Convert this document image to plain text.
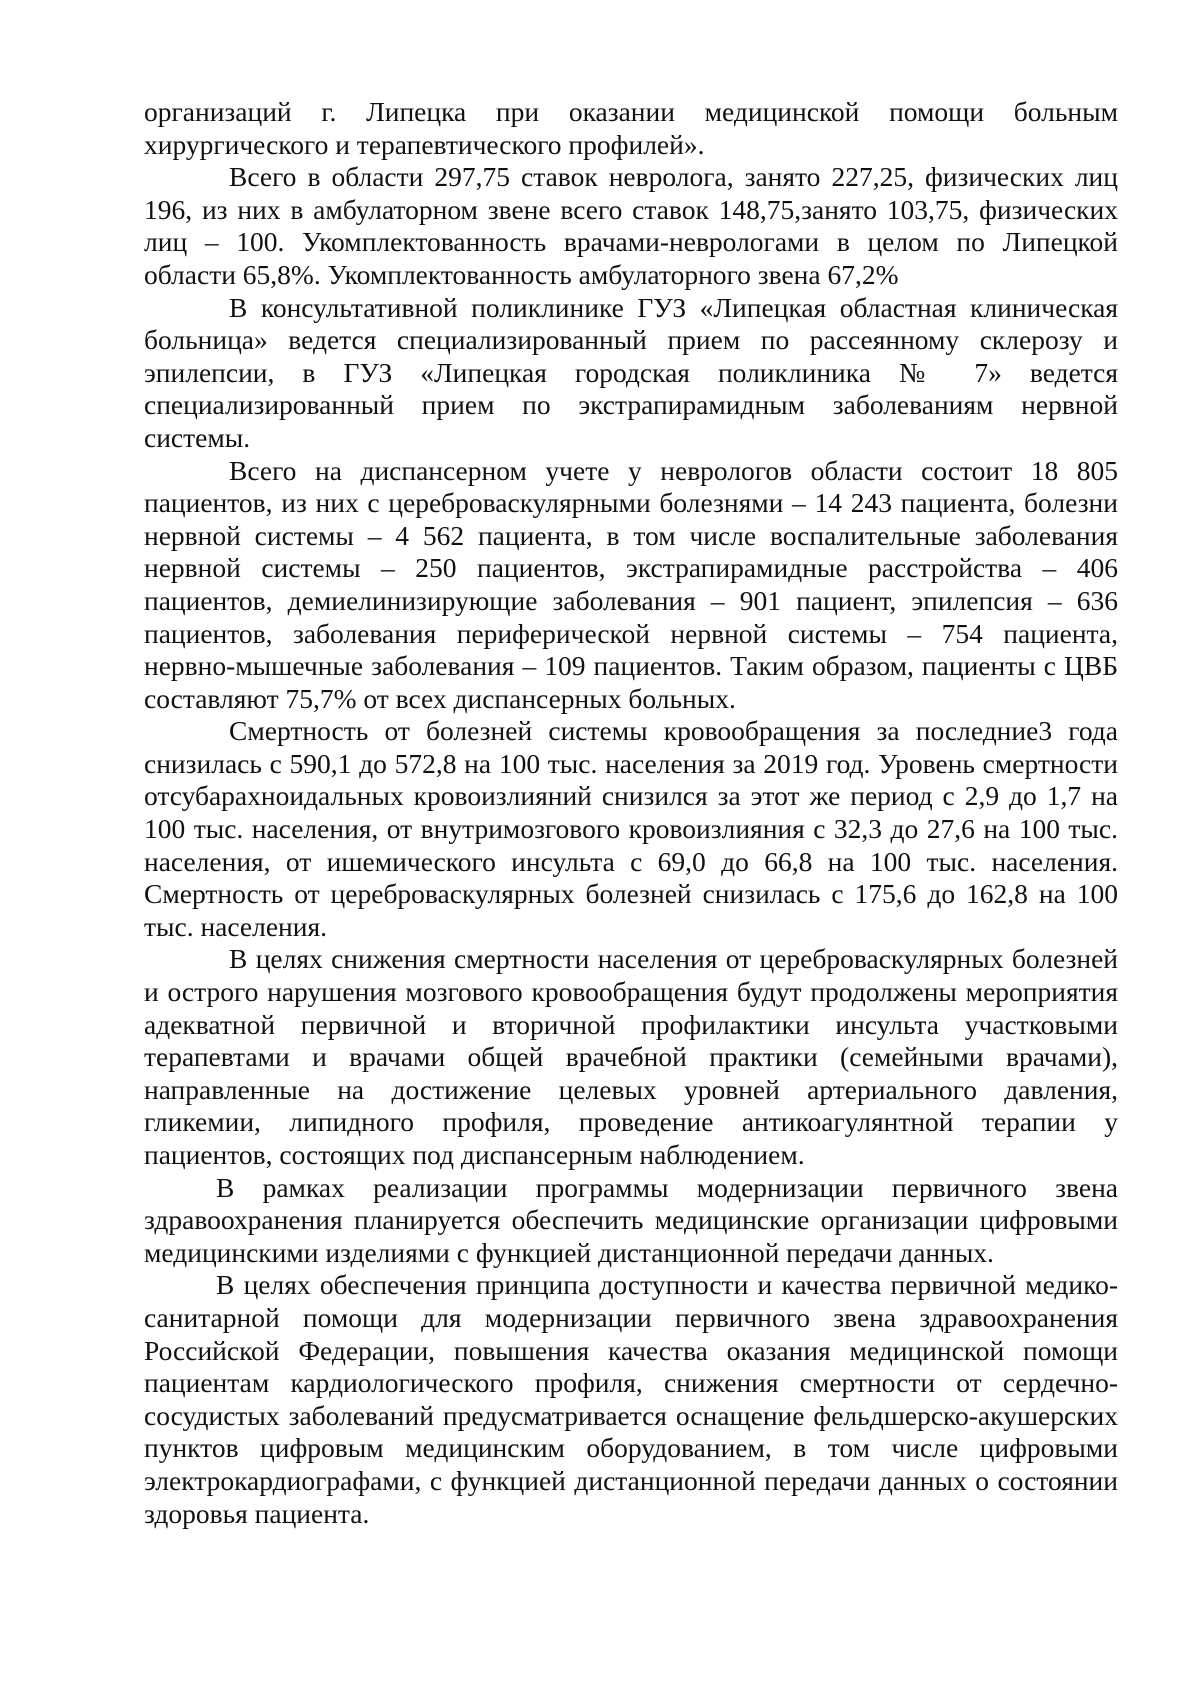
организаций г. Липецка при оказании медицинской помощи больным хирургического и терапевтического профилей».

Всего в области 297,75 ставок невролога, занято 227,25, физических лиц 196, из них в амбулаторном звене всего ставок 148,75,занято 103,75, физических лиц – 100. Укомплектованность врачами-неврологами в целом по Липецкой области 65,8%. Укомплектованность амбулаторного звена 67,2%

В консультативной поликлинике ГУЗ «Липецкая областная клиническая больница» ведется специализированный прием по рассеянному склерозу и эпилепсии, в ГУЗ «Липецкая городская поликлиника № 7» ведется специализированный прием по экстрапирамидным заболеваниям нервной системы.

Всего на диспансерном учете у неврологов области состоит 18 805 пациентов, из них с цереброваскулярными болезнями – 14 243 пациента, болезни нервной системы – 4 562 пациента, в том числе воспалительные заболевания нервной системы – 250 пациентов, экстрапирамидные расстройства – 406 пациентов, демиелинизирующие заболевания – 901 пациент, эпилепсия – 636 пациентов, заболевания периферической нервной системы – 754 пациента, нервно-мышечные заболевания – 109 пациентов. Таким образом, пациенты с ЦВБ составляют 75,7% от всех диспансерных больных.

Смертность от болезней системы кровообращения за последние3 года снизилась с 590,1 до 572,8 на 100 тыс. населения за 2019 год. Уровень смертности отсубарахноидальных кровоизлияний снизился за этот же период с 2,9 до 1,7 на 100 тыс. населения, от внутримозгового кровоизлияния с 32,3 до 27,6 на 100 тыс. населения, от ишемического инсульта с 69,0 до 66,8 на 100 тыс. населения. Смертность от цереброваскулярных болезней снизилась с 175,6 до 162,8 на 100 тыс. населения.

В целях снижения смертности населения от цереброваскулярных болезней и острого нарушения мозгового кровообращения будут продолжены мероприятия адекватной первичной и вторичной профилактики инсульта участковыми терапевтами и врачами общей врачебной практики (семейными врачами), направленные на достижение целевых уровней артериального давления, гликемии, липидного профиля, проведение антикоагулянтной терапии у пациентов, состоящих под диспансерным наблюдением.

В рамках реализации программы модернизации первичного звена здравоохранения планируется обеспечить медицинские организации цифровыми медицинскими изделиями с функцией дистанционной передачи данных.

В целях обеспечения принципа доступности и качества первичной медико-санитарной помощи для модернизации первичного звена здравоохранения Российской Федерации, повышения качества оказания медицинской помощи пациентам кардиологического профиля, снижения смертности от сердечно-сосудистых заболеваний предусматривается оснащение фельдшерско-акушерских пунктов цифровым медицинским оборудованием, в том числе цифровыми электрокардиографами, с функцией дистанционной передачи данных о состоянии здоровья пациента.
